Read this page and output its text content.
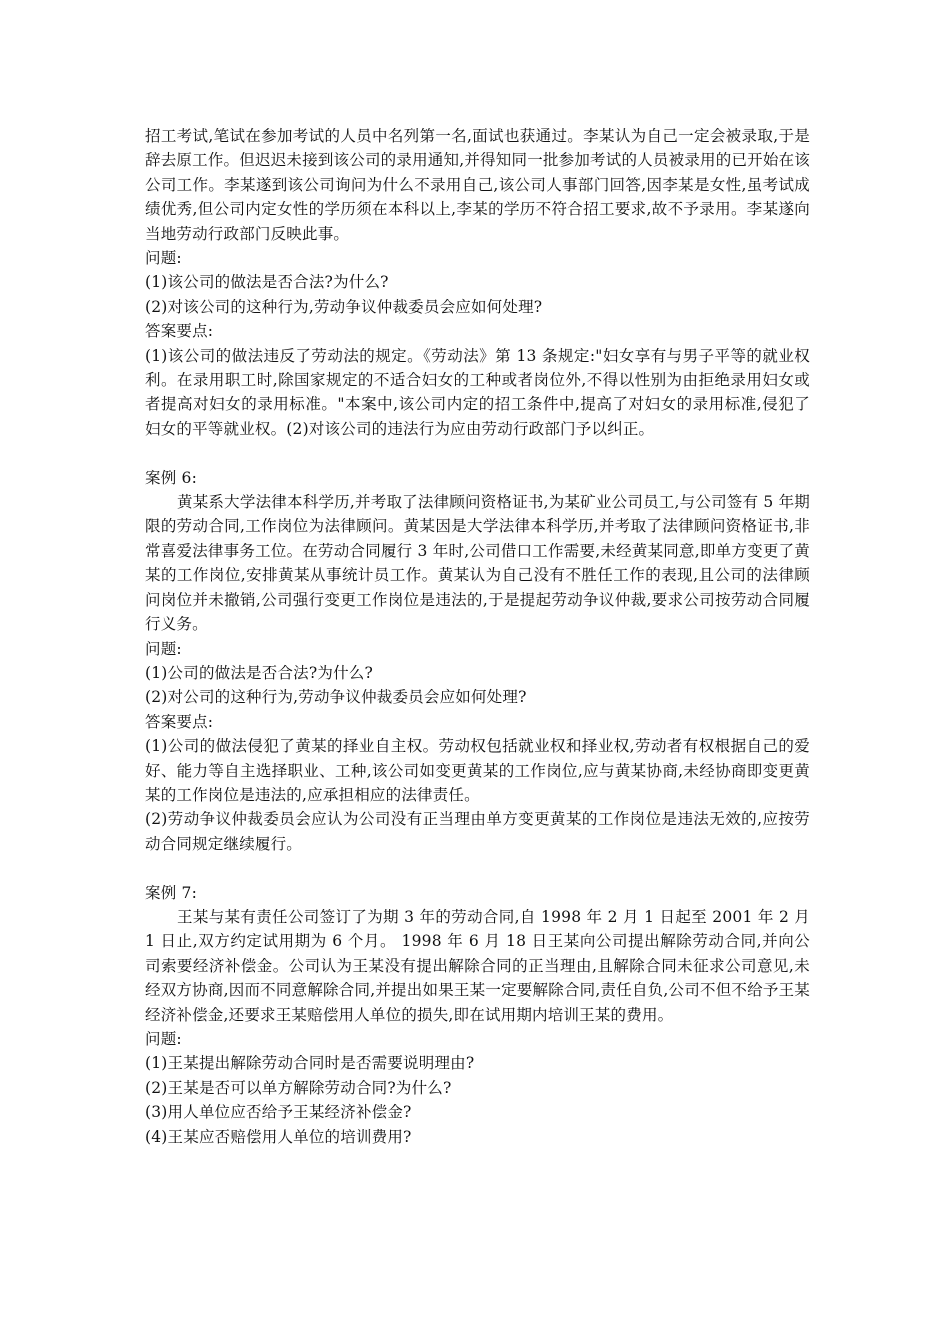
招工考试,笔试在参加考试的人员中名列第一名,面试也获通过。李某认为自己一定会被录取,于是辞去原工作。但迟迟未接到该公司的录用通知,并得知同一批参加考试的人员被录用的已开始在该公司工作。李某遂到该公司询问为什么不录用自己,该公司人事部门回答,因李某是女性,虽考试成绩优秀,但公司内定女性的学历须在本科以上,李某的学历不符合招工要求,故不予录用。李某遂向当地劳动行政部门反映此事。

问题:

(1)该公司的做法是否合法?为什么?

(2)对该公司的这种行为,劳动争议仲裁委员会应如何处理?

答案要点:

(1)该公司的做法违反了劳动法的规定。《劳动法》第 13 条规定:"妇女享有与男子平等的就业权利。在录用职工时,除国家规定的不适合妇女的工种或者岗位外,不得以性别为由拒绝录用妇女或者提高对妇女的录用标准。"本案中,该公司内定的招工条件中,提高了对妇女的录用标准,侵犯了妇女的平等就业权。(2)对该公司的违法行为应由劳动行政部门予以纠正。

案例 6:

黄某系大学法律本科学历,并考取了法律顾问资格证书,为某矿业公司员工,与公司签有 5 年期限的劳动合同,工作岗位为法律顾问。黄某因是大学法律本科学历,并考取了法律顾问资格证书,非常喜爱法律事务工位。在劳动合同履行 3 年时,公司借口工作需要,未经黄某同意,即单方变更了黄某的工作岗位,安排黄某从事统计员工作。黄某认为自己没有不胜任工作的表现,且公司的法律顾问岗位并未撤销,公司强行变更工作岗位是违法的,于是提起劳动争议仲裁,要求公司按劳动合同履行义务。

问题:

(1)公司的做法是否合法?为什么?

(2)对公司的这种行为,劳动争议仲裁委员会应如何处理?

答案要点:

(1)公司的做法侵犯了黄某的择业自主权。劳动权包括就业权和择业权,劳动者有权根据自己的爱好、能力等自主选择职业、工种,该公司如变更黄某的工作岗位,应与黄某协商,未经协商即变更黄某的工作岗位是违法的,应承担相应的法律责任。

(2)劳动争议仲裁委员会应认为公司没有正当理由单方变更黄某的工作岗位是违法无效的,应按劳动合同规定继续履行。

案例 7:

王某与某有责任公司签订了为期 3 年的劳动合同,自 1998 年 2 月 1 日起至 2001 年 2 月 1 日止,双方约定试用期为 6 个月。 1998 年 6 月 18 日王某向公司提出解除劳动合同,并向公司索要经济补偿金。公司认为王某没有提出解除合同的正当理由,且解除合同未征求公司意见,未经双方协商,因而不同意解除合同,并提出如果王某一定要解除合同,责任自负,公司不但不给予王某经济补偿金,还要求王某赔偿用人单位的损失,即在试用期内培训王某的费用。

问题:

(1)王某提出解除劳动合同时是否需要说明理由?

(2)王某是否可以单方解除劳动合同?为什么?

(3)用人单位应否给予王某经济补偿金?

(4)王某应否赔偿用人单位的培训费用?
